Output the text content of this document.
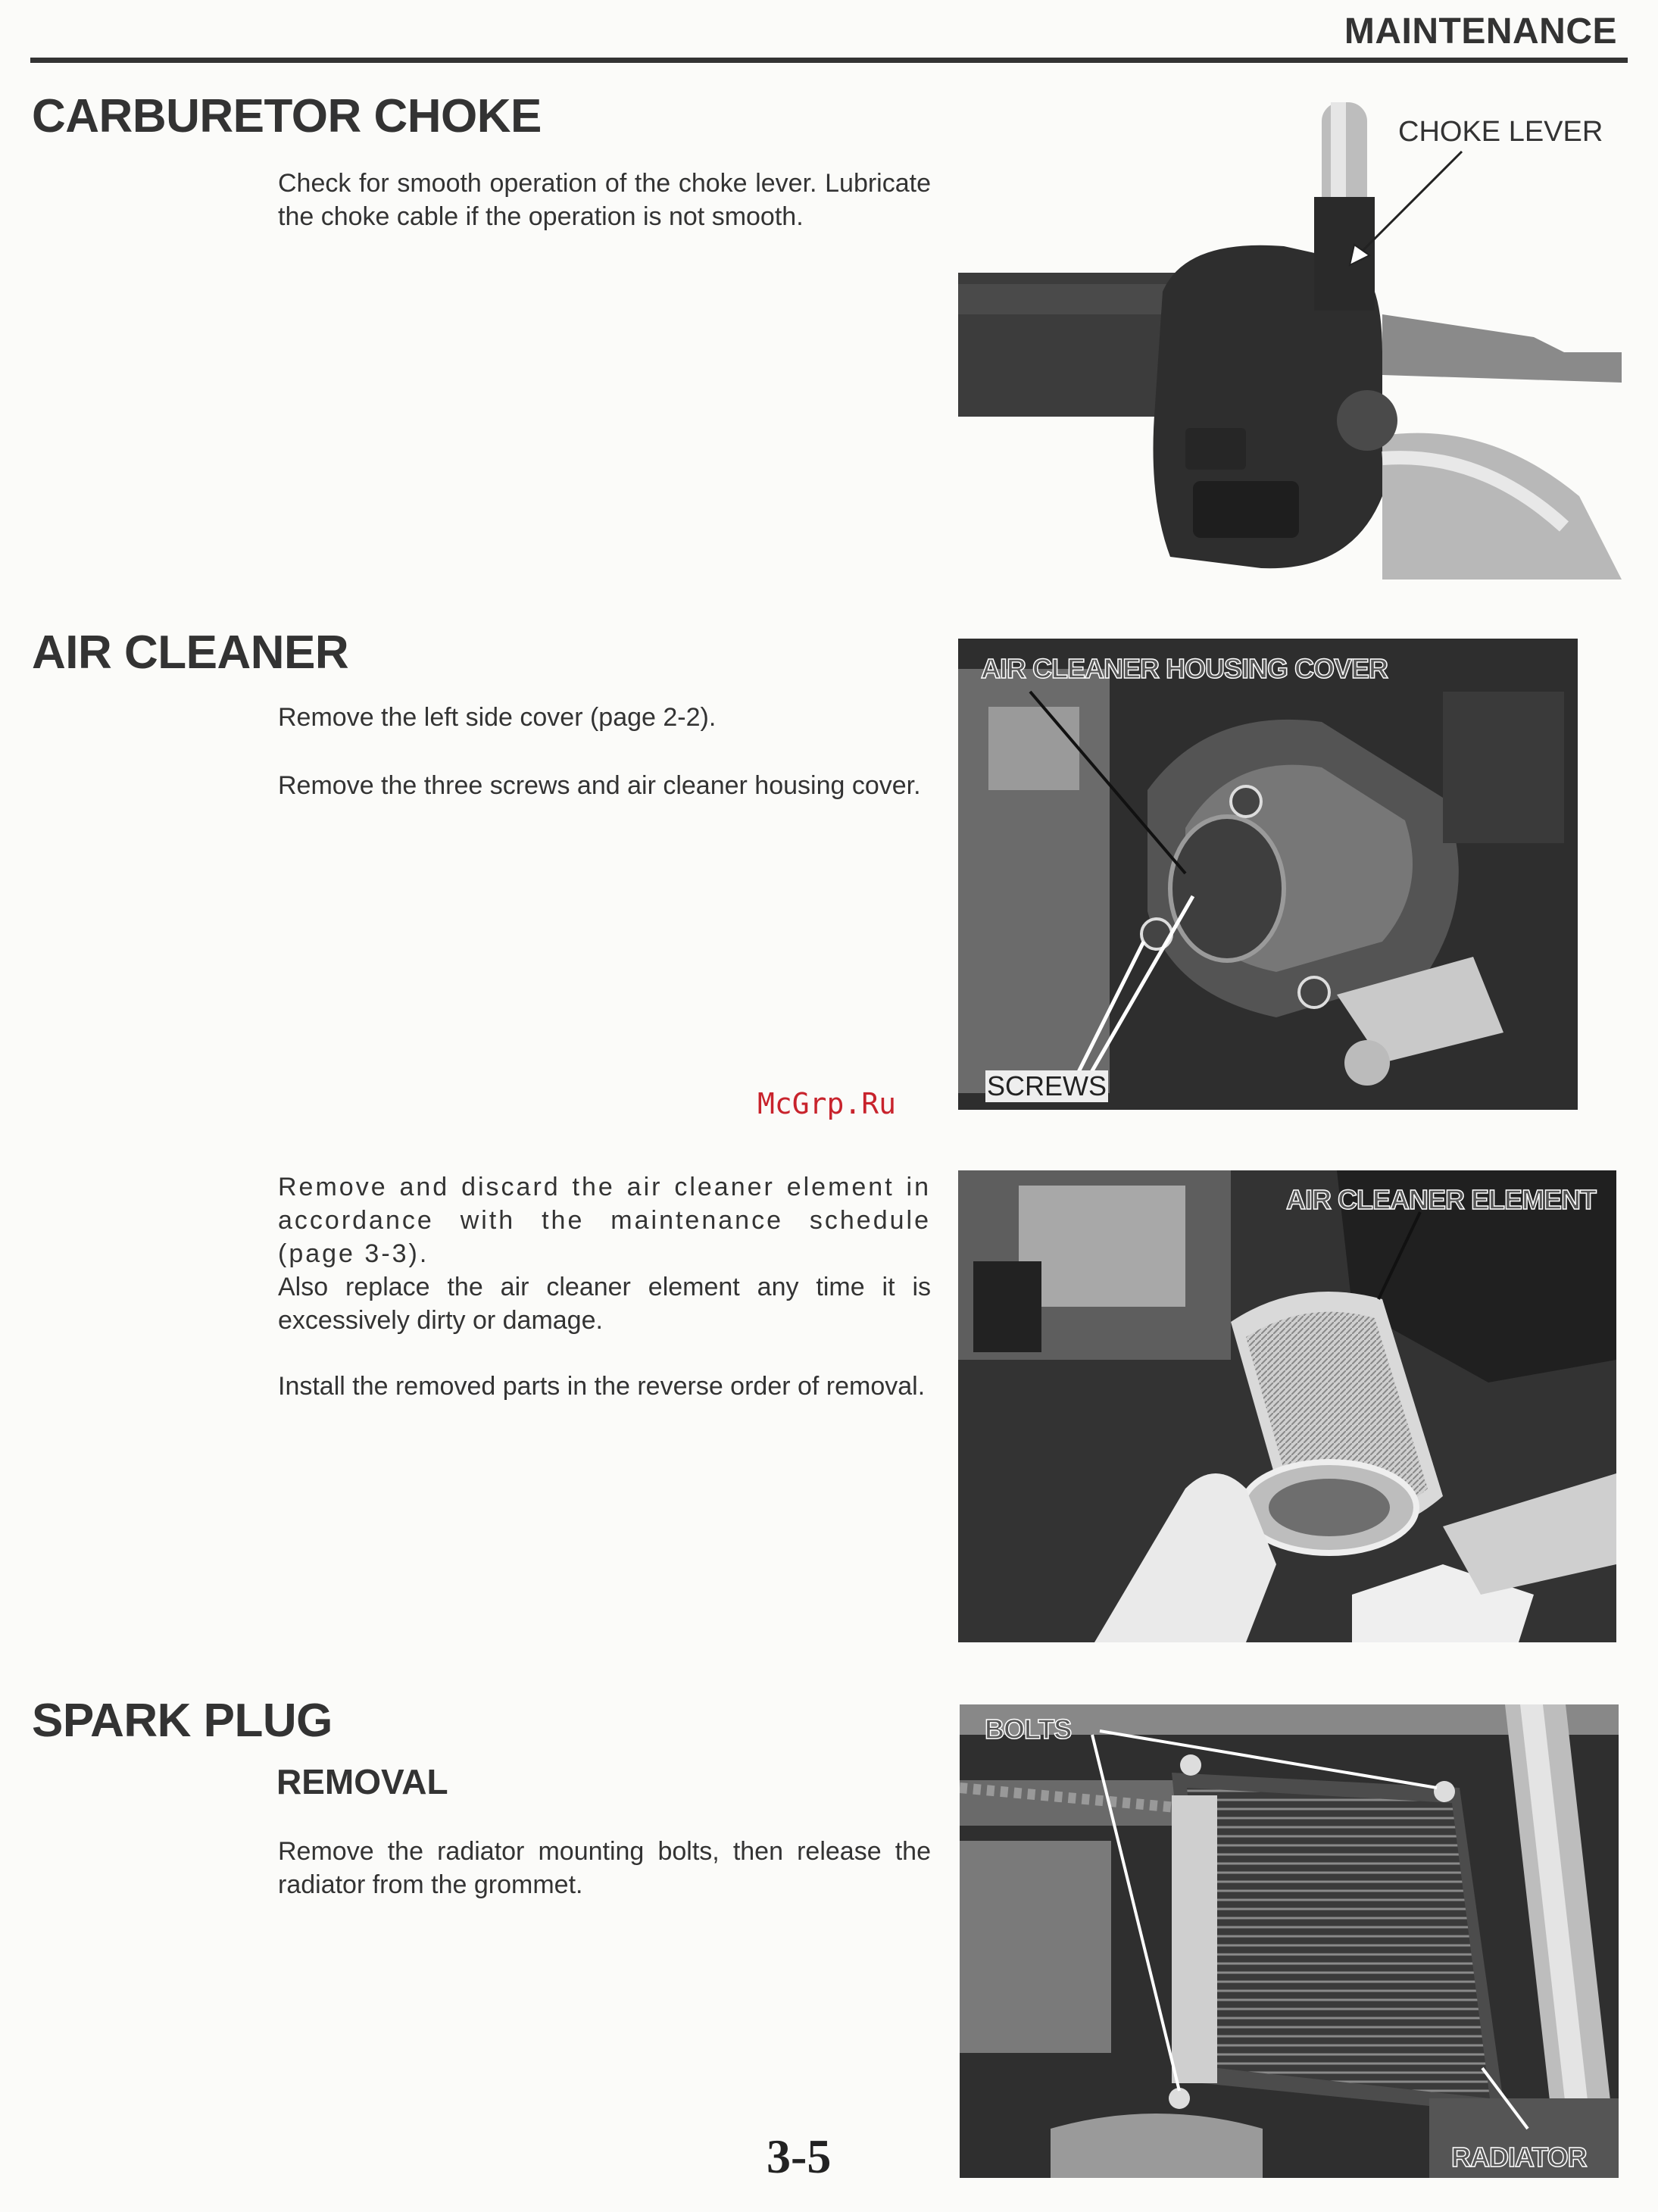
MAINTENANCE
CARBURETOR CHOKE
Check for smooth operation of the choke lever. Lubricate the choke cable if the operation is not smooth.
CHOKE LEVER
AIR CLEANER
Remove the left side cover (page 2-2).
Remove the three screws and air cleaner housing cover.
AIR CLEANER HOUSING COVER
SCREWS
McGrp.Ru
Remove and discard the air cleaner element in accordance with the maintenance schedule (page 3-3).
Also replace the air cleaner element any time it is excessively dirty or damage.
Install the removed parts in the reverse order of removal.
AIR CLEANER ELEMENT
SPARK PLUG
REMOVAL
Remove the radiator mounting bolts, then release the radiator from the grommet.
BOLTS
RADIATOR
3-5
